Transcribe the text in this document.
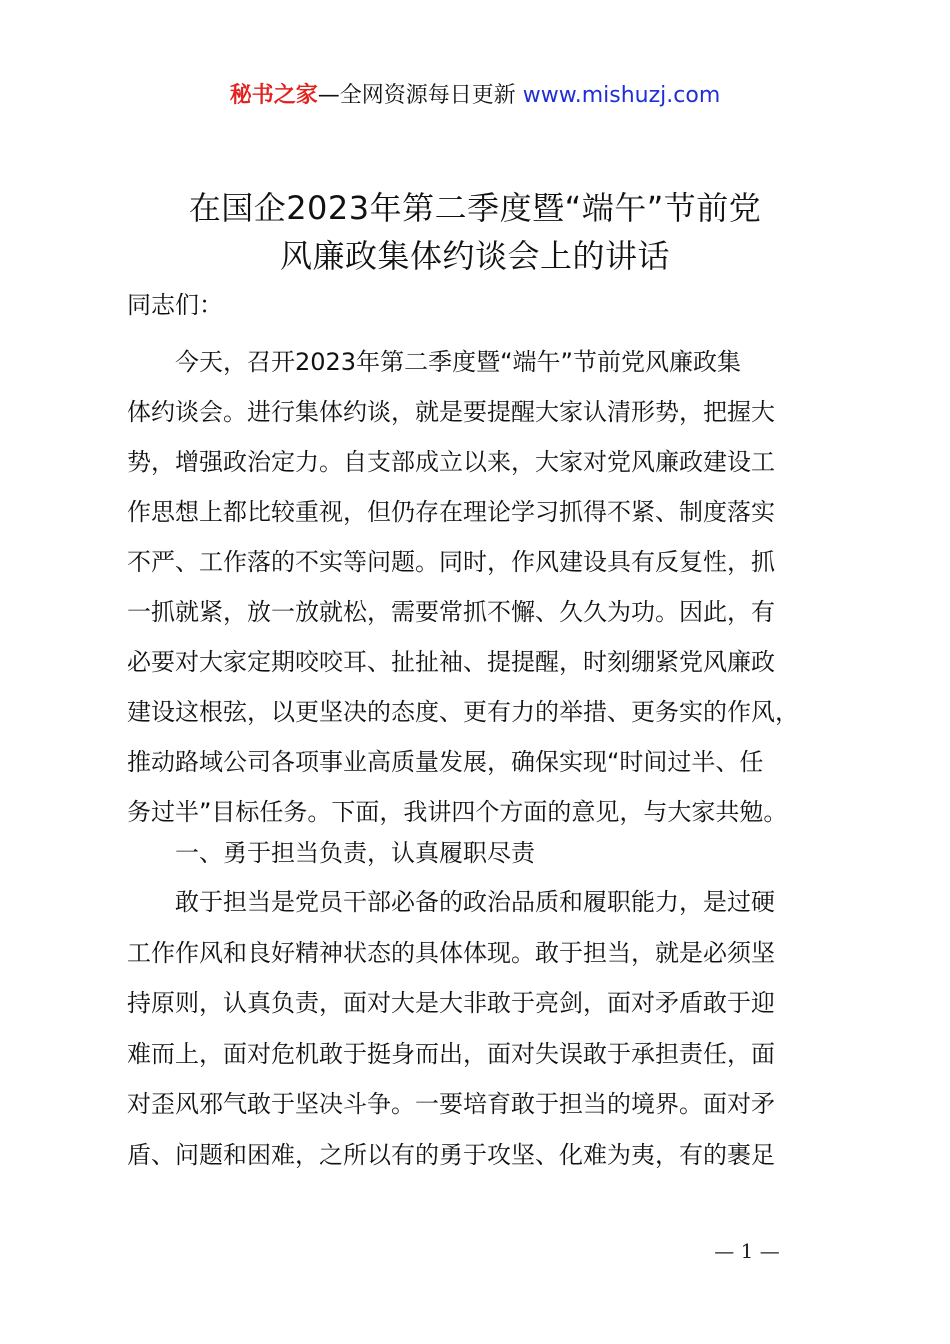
秘书之家—全网资源每日更新 www.mishuzj.com
在国企2023年第二季度暨“端午”节前党
风廉政集体约谈会上的讲话
同志们：
今天，召开2023年第二季度暨“端午”节前党风廉政集
体约谈会。进行集体约谈，就是要提醒大家认清形势，把握大
势，增强政治定力。自支部成立以来，大家对党风廉政建设工
作思想上都比较重视，但仍存在理论学习抓得不紧、制度落实
不严、工作落的不实等问题。同时，作风建设具有反复性，抓
一抓就紧，放一放就松，需要常抓不懈、久久为功。因此，有
必要对大家定期咬咬耳、扯扯袖、提提醒，时刻绷紧党风廉政
建设这根弦，以更坚决的态度、更有力的举措、更务实的作风，
推动路域公司各项事业高质量发展，确保实现“时间过半、任
务过半”目标任务。下面，我讲四个方面的意见，与大家共勉。
一、勇于担当负责，认真履职尽责
敢于担当是党员干部必备的政治品质和履职能力，是过硬
工作作风和良好精神状态的具体体现。敢于担当，就是必须坚
持原则，认真负责，面对大是大非敢于亮剑，面对矛盾敢于迎
难而上，面对危机敢于挺身而出，面对失误敢于承担责任，面
对歪风邪气敢于坚决斗争。一要培育敢于担当的境界。面对矛
盾、问题和困难，之所以有的勇于攻坚、化难为夷，有的裹足
— 1 —
